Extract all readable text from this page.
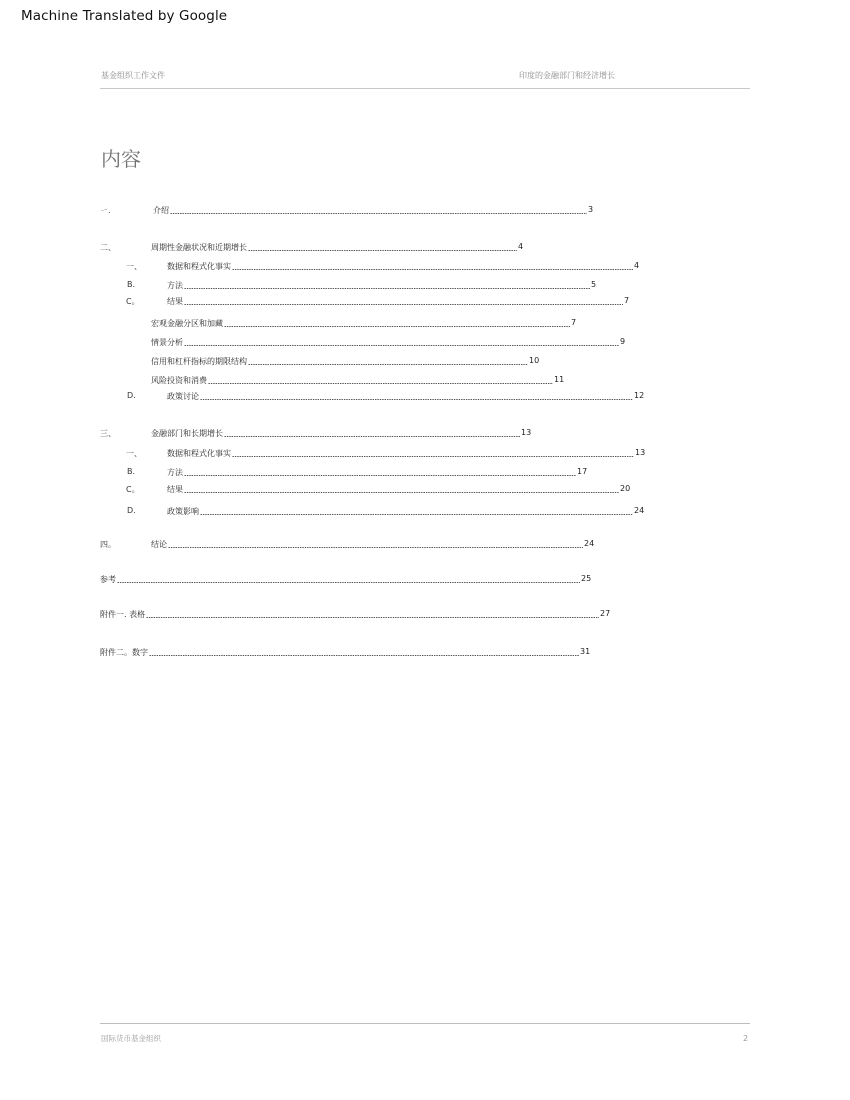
Machine Translated by Google
基金组织工作文件	印度的金融部门和经济增长
内容
ㄧ.	介绍	3
二、	周期性金融状况和近期增长	4
一、	数据和程式化事实	4
B.	方法	5
C。	结果	7
宏观金融分区和加藏	7
情景分析	9
信用和杠杆指标的期限结构	10
风险投资和消费	11
D.	政策讨论	12
三、	金融部门和长期增长	13
一、	数据和程式化事实	13
B.	方法	17
C。	结果	20
D.	政策影响	24
四。	结论	24
参考	25
附件一. 表格	27
附件二。数字	31
国际货币基金组织	2
